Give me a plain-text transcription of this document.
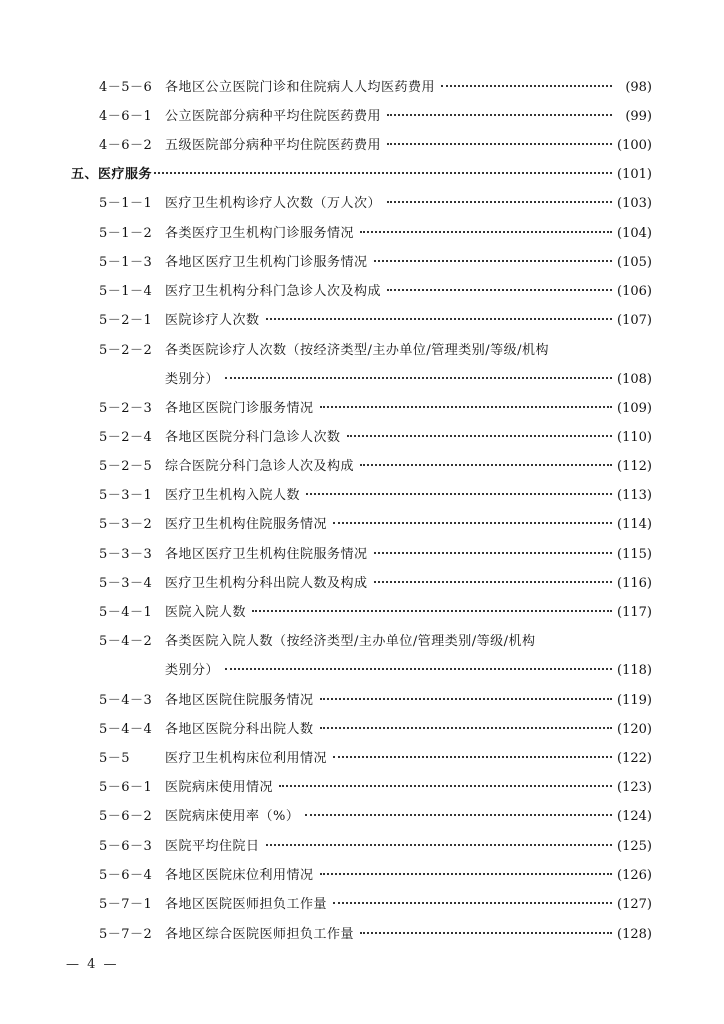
4－5－6 各地区公立医院门诊和住院病人人均医药费用	(98)
4－6－1 公立医院部分病种平均住院医药费用	(99)
4－6－2 五级医院部分病种平均住院医药费用	(100)
五、医疗服务	(101)
5－1－1 医疗卫生机构诊疗人次数（万人次）	(103)
5－1－2 各类医疗卫生机构门诊服务情况	(104)
5－1－3 各地区医疗卫生机构门诊服务情况	(105)
5－1－4 医疗卫生机构分科门急诊人次及构成	(106)
5－2－1 医院诊疗人次数	(107)
5－2－2 各类医院诊疗人次数（按经济类型/主办单位/管理类别/等级/机构
类别分）	(108)
5－2－3 各地区医院门诊服务情况	(109)
5－2－4 各地区医院分科门急诊人次数	(110)
5－2－5 综合医院分科门急诊人次及构成	(112)
5－3－1 医疗卫生机构入院人数	(113)
5－3－2 医疗卫生机构住院服务情况	(114)
5－3－3 各地区医疗卫生机构住院服务情况	(115)
5－3－4 医疗卫生机构分科出院人数及构成	(116)
5－4－1 医院入院人数	(117)
5－4－2 各类医院入院人数（按经济类型/主办单位/管理类别/等级/机构
类别分）	(118)
5－4－3 各地区医院住院服务情况	(119)
5－4－4 各地区医院分科出院人数	(120)
5－5	医疗卫生机构床位利用情况	(122)
5－6－1 医院病床使用情况	(123)
5－6－2 医院病床使用率（%）	(124)
5－6－3 医院平均住院日	(125)
5－6－4 各地区医院床位利用情况	(126)
5－7－1 各地区医院医师担负工作量	(127)
5－7－2 各地区综合医院医师担负工作量	(128)
— 4 —
